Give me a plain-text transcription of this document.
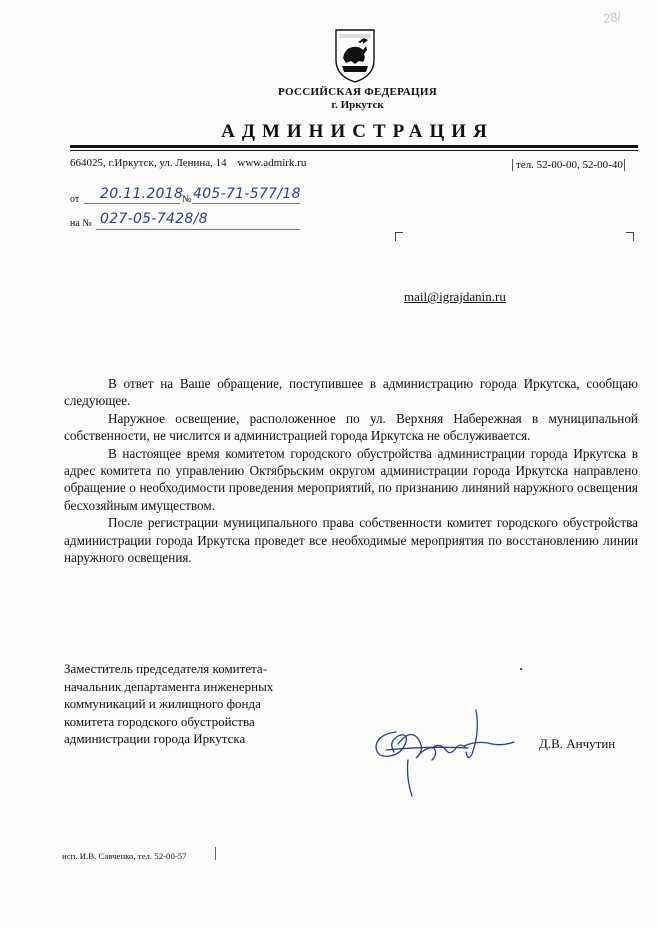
28/
РОССИЙСКАЯ ФЕДЕРАЦИЯ
г. Иркутск
АДМИНИСТРАЦИЯ
664025, г.Иркутск, ул. Ленина, 14 www.admirk.ru	тел. 52-00-00, 52-00-40
от 20.11.2018
№ 405-71-577/18
на № 027-05-7428/8
mail@igrajdanin.ru

В ответ на Ваше обращение, поступившее в администрацию города Иркутска, сообщаю следующее.

Наружное освещение, расположенное по ул. Верхняя Набережная в муниципальной собственности, не числится и администрацией города Иркутска не обслуживается.

В настоящее время комитетом городского обустройства администрации города Иркутска в адрес комитета по управлению Октябрьским округом администрации города Иркутска направлено обращение о необходимости проведения мероприятий, по признанию линяний наружного освещения бесхозяйным имуществом.

После регистрации муниципального права собственности комитет городского обустройства администрации города Иркутска проведет все необходимые мероприятия по восстановлению линии наружного освещения.

Заместитель председателя комитета-
начальник департамента инженерных
коммуникаций и жилищного фонда
комитета городского обустройства
администрации города Иркутска	Д.В. Анчутин
исп. И.В. Савченко, тел. 52-00-57
